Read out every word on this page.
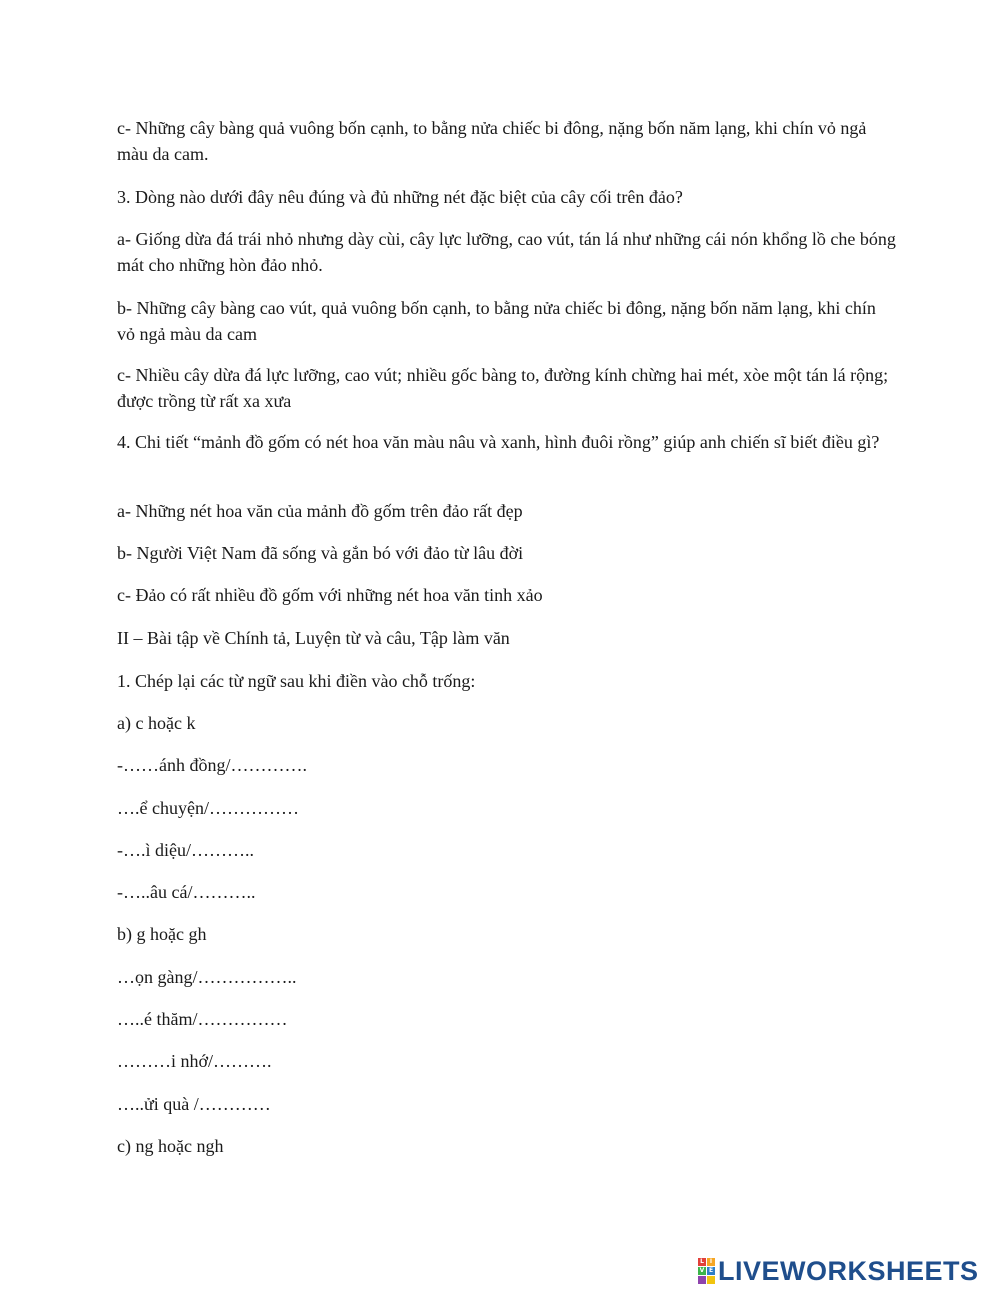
c- Những cây bàng quả vuông bốn cạnh, to bằng nửa chiếc bi đông, nặng bốn năm lạng, khi chín vỏ ngả màu da cam.
3. Dòng nào dưới đây nêu đúng và đủ những nét đặc biệt của cây cối trên đảo?
a- Giống dừa đá trái nhỏ nhưng dày cùi, cây lực lưỡng, cao vút, tán lá như những cái nón khổng lồ che bóng mát cho những hòn đảo nhỏ.
b- Những cây bàng cao vút, quả vuông bốn cạnh, to bằng nửa chiếc bi đông, nặng bốn năm lạng, khi chín vỏ ngả màu da cam
c- Nhiều cây dừa đá lực lưỡng, cao vút; nhiều gốc bàng to, đường kính chừng hai mét, xòe một tán lá rộng; được trồng từ rất xa xưa
4. Chi tiết “mảnh đồ gốm có nét hoa văn màu nâu và xanh, hình đuôi rồng” giúp anh chiến sĩ biết điều gì?
a- Những nét hoa văn của mảnh đồ gốm trên đảo rất đẹp
b- Người Việt Nam đã sống và gắn bó với đảo từ lâu đời
c- Đảo có rất nhiều đồ gốm với những nét hoa văn tinh xảo
II – Bài tập về Chính tả, Luyện từ và câu, Tập làm văn
1. Chép lại các từ ngữ sau khi điền vào chỗ trống:
a) c hoặc k
-……ánh đồng/………….
….ể chuyện/……………
-….ì diệu/………..
-…..âu cá/………..
b) g hoặc gh
…ọn gàng/……………..
…..é thăm/……………
………i nhớ/……….
…..ửi quà /…………
c) ng hoặc ngh
L I
V E LIVEWORKSHEETS
